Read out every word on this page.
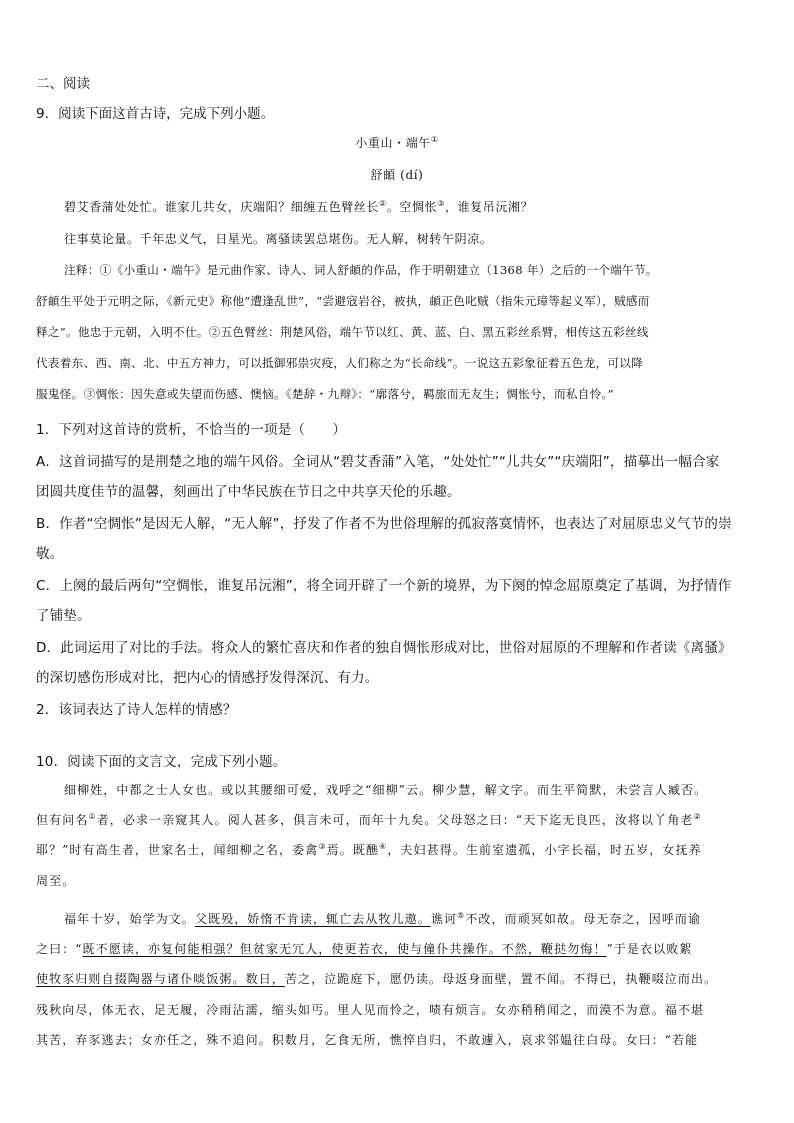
二、阅读
9．阅读下面这首古诗，完成下列小题。
小重山・端午①
舒頔 (dí)
碧艾香蒲处处忙。谁家儿共女，庆端阳？细缠五色臂丝长②。空惆怅③，谁复吊沅湘？
往事莫论量。千年忠义气，日星光。离骚读罢总堪伤。无人解，树转午阴凉。
注释：①《小重山・端午》是元曲作家、诗人、词人舒頔的作品，作于明朝建立（1368 年）之后的一个端午节。
舒頔生平处于元明之际，《新元史》称他“遭逢乱世”，“尝避寇岩谷，被执，頔正色叱贼（指朱元璋等起义军），贼感而
释之”。他忠于元朝，入明不仕。②五色臂丝：荆楚风俗，端午节以红、黄、蓝、白、黑五彩丝系臂，相传这五彩丝线
代表着东、西、南、北、中五方神力，可以抵御邪祟灾疫，人们称之为“长命线”。一说这五彩象征着五色龙，可以降
服鬼怪。③惆怅：因失意或失望而伤感、懊恼。《楚辞・九辩》：“廓落兮，羁旅而无友生；惆怅兮，而私自怜。”
1．下列对这首诗的赏析，不恰当的一项是（　　）
A．这首词描写的是荆楚之地的端午风俗。全词从“碧艾香蒲”入笔，“处处忙”“儿共女”“庆端阳”，描摹出一幅合家
团圆共度佳节的温馨，刻画出了中华民族在节日之中共享天伦的乐趣。
B．作者“空惆怅”是因无人解，“无人解”，抒发了作者不为世俗理解的孤寂落寞情怀，也表达了对屈原忠义气节的崇
敬。
C．上阕的最后两句“空惆怅，谁复吊沅湘”，将全词开辟了一个新的境界，为下阕的悼念屈原奠定了基调，为抒情作
了铺垫。
D．此词运用了对比的手法。将众人的繁忙喜庆和作者的独自惆怅形成对比，世俗对屈原的不理解和作者读《离骚》
的深切感伤形成对比，把内心的情感抒发得深沉、有力。
2．该词表达了诗人怎样的情感？
10．阅读下面的文言文，完成下列小题。
细柳姓，中都之士人女也。或以其腰细可爱，戏呼之“细柳”云。柳少慧，解文字。而生平简默，未尝言人臧否。
但有问名①者，必求一亲窥其人。阅人甚多，俱言未可，而年十九矣。父母怒之曰：“天下迄无良匹，汝将以丫角老②
耶？”时有高生者，世家名士，闻细柳之名，委禽③焉。既醮④，夫妇甚得。生前室遗孤，小字长福，时五岁，女抚养
周至。
福年十岁，始学为文。父既殁，娇惰不肯读，辄亡去从牧儿遨。谯诃⑤不改，而顽冥如故。母无奈之，因呼而谕
之曰：“既不愿读，亦复何能相强？但贫家无冗人，使更若衣，使与僮仆共操作。不然，鞭挞勿悔！”于是衣以败絮
使牧豕归则自掇陶器与诸仆啖饭粥。数日，苦之，泣跪庭下，愿仍读。母返身面壁，置不闻。不得已，执鞭啜泣而出。
残秋向尽，体无衣，足无履，冷雨沾濡，缩头如丐。里人见而怜之，啧有烦言。女亦稍稍闻之，而漠不为意。福不堪
其苦，弃豕逃去；女亦任之，殊不追问。积数月，乞食无所，憔悴自归，不敢遽入，哀求邻媪往白母。女曰：“若能
